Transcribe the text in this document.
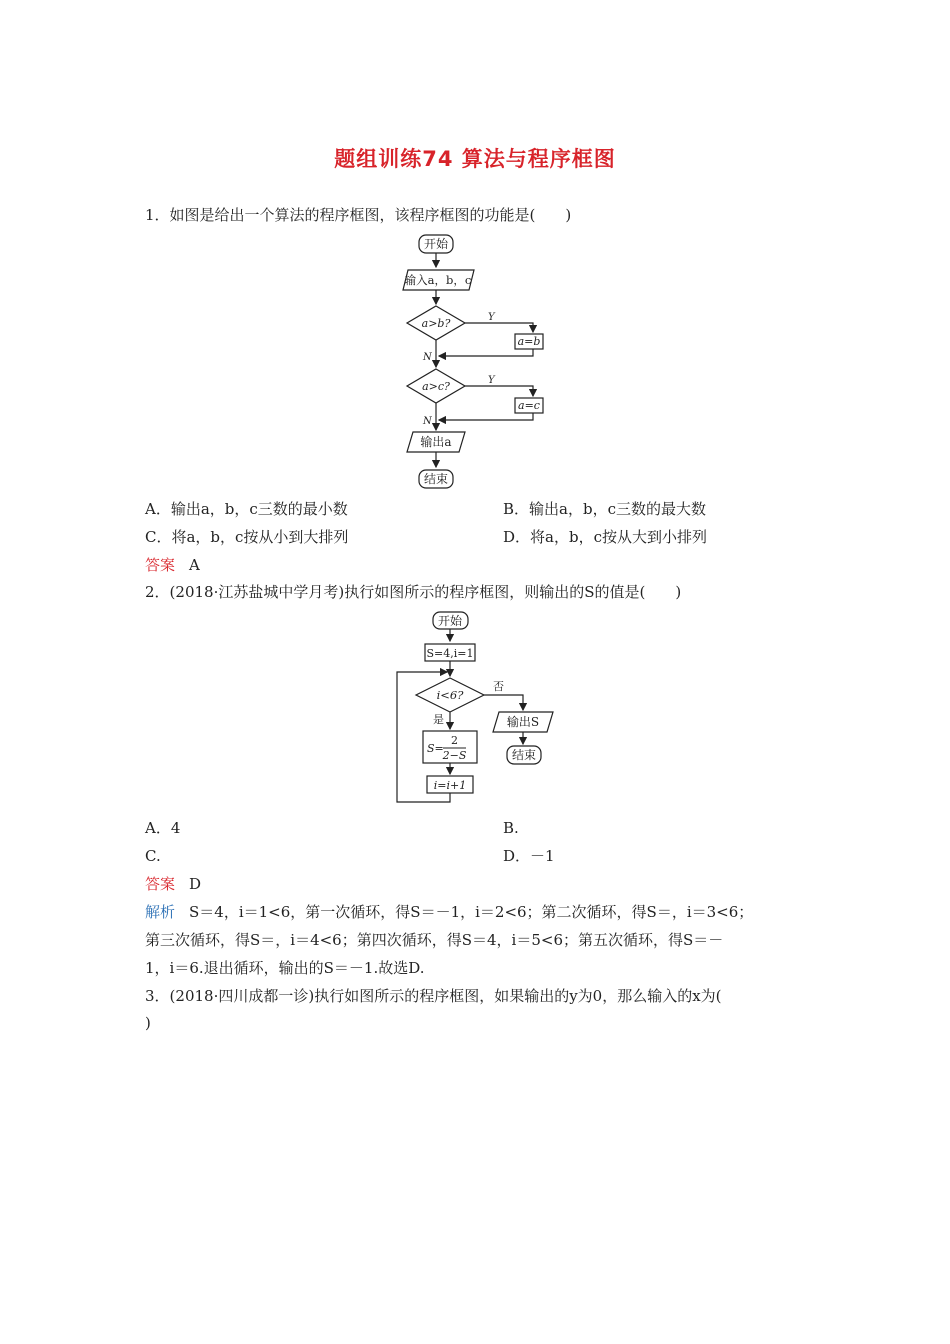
题组训练74 算法与程序框图
1．如图是给出一个算法的程序框图，该程序框图的功能是(　　)
开始
输入a，b，c
a>b?	Y
a=b
N
a>c?	Y
a=c
N
输出a
结束
A．输出a，b，c三数的最小数	B．输出a，b，c三数的最大数
C．将a，b，c按从小到大排列	D．将a，b，c按从大到小排列
答案 A
2．(2018·江苏盐城中学月考)执行如图所示的程序框图，则输出的S的值是(　　)
开始
S=4,i=1
i<6?
否
是	输出S
结束
S=
2
2−S
i=i+1
A．4	B.
C.	D．－1
答案 D
解析 S＝4，i＝1<6，第一次循环，得S＝－1，i＝2<6；第二次循环，得S＝，i＝3<6；
第三次循环，得S＝，i＝4<6；第四次循环，得S＝4，i＝5<6；第五次循环，得S＝－
1，i＝6.退出循环，输出的S＝－1.故选D.
3．(2018·四川成都一诊)执行如图所示的程序框图，如果输出的y为0，那么输入的x为(
)
